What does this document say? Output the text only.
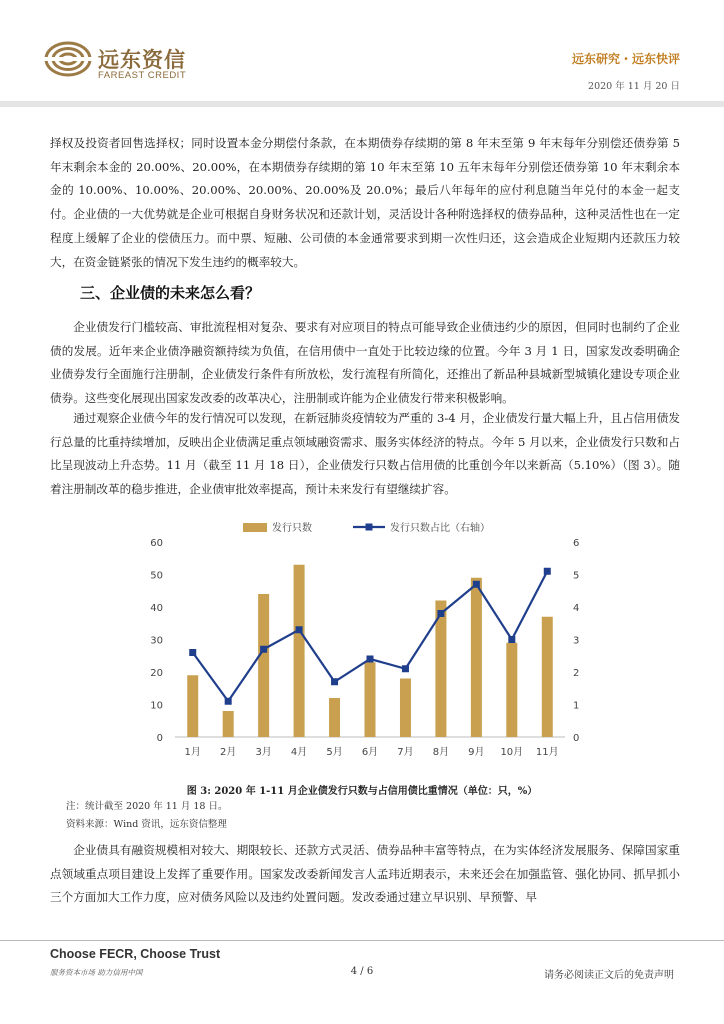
远东资信
FAREAST CREDIT
远东研究・远东快评
2020 年 11 月 20 日
择权及投资者回售选择权；同时设置本金分期偿付条款，在本期债券存续期的第 8 年末至第 9 年末每年分别偿还债券第 5 年末剩余本金的 20.00%、20.00%，在本期债券存续期的第 10 年末至第 10 五年末每年分别偿还债券第 10 年末剩余本金的 10.00%、10.00%、20.00%、20.00%、20.00%及 20.0%；最后八年每年的应付利息随当年兑付的本金一起支付。企业债的一大优势就是企业可根据自身财务状况和还款计划，灵活设计各种附选择权的债券品种，这种灵活性也在一定程度上缓解了企业的偿债压力。而中票、短融、公司债的本金通常要求到期一次性归还，这会造成企业短期内还款压力较大，在资金链紧张的情况下发生违约的概率较大。
三、企业债的未来怎么看？
企业债发行门槛较高、审批流程相对复杂、要求有对应项目的特点可能导致企业债违约少的原因，但同时也制约了企业债的发展。近年来企业债净融资额持续为负值，在信用债中一直处于比较边缘的位置。今年 3 月 1 日，国家发改委明确企业债券发行全面施行注册制，企业债发行条件有所放松，发行流程有所简化，还推出了新品种县城新型城镇化建设专项企业债券。这些变化展现出国家发改委的改革决心，注册制或许能为企业债发行带来积极影响。
通过观察企业债今年的发行情况可以发现，在新冠肺炎疫情较为严重的 3-4 月，企业债发行量大幅上升，且占信用债发行总量的比重持续增加，反映出企业债满足重点领域融资需求、服务实体经济的特点。今年 5 月以来，企业债发行只数和占比呈现波动上升态势。11 月（截至 11 月 18 日），企业债发行只数占信用债的比重创今年以来新高（5.10%）（图 3）。随着注册制改革的稳步推进，企业债审批效率提高，预计未来发行有望继续扩容。
0
10
20
30
40
50
60
0
1
2
3
4
5
6
1月 2月 3月 4月 5月 6月 7月 8月 9月 10月 11月
发行只数	发行只数占比（右轴）
图 3: 2020 年 1-11 月企业债发行只数与占信用债比重情况（单位：只，%）
注：统计截至 2020 年 11 月 18 日。
资料来源：Wind 资讯，远东资信整理
企业债具有融资规模相对较大、期限较长、还款方式灵活、债券品种丰富等特点，在为实体经济发展服务、保障国家重点领域重点项目建设上发挥了重要作用。国家发改委新闻发言人孟玮近期表示，未来还会在加强监管、强化协同、抓早抓小三个方面加大工作力度，应对债务风险以及违约处置问题。发改委通过建立早识别、早预警、早
Choose FECR, Choose Trust
服务资本市场 助力信用中国	4 / 6	请务必阅读正文后的免责声明
